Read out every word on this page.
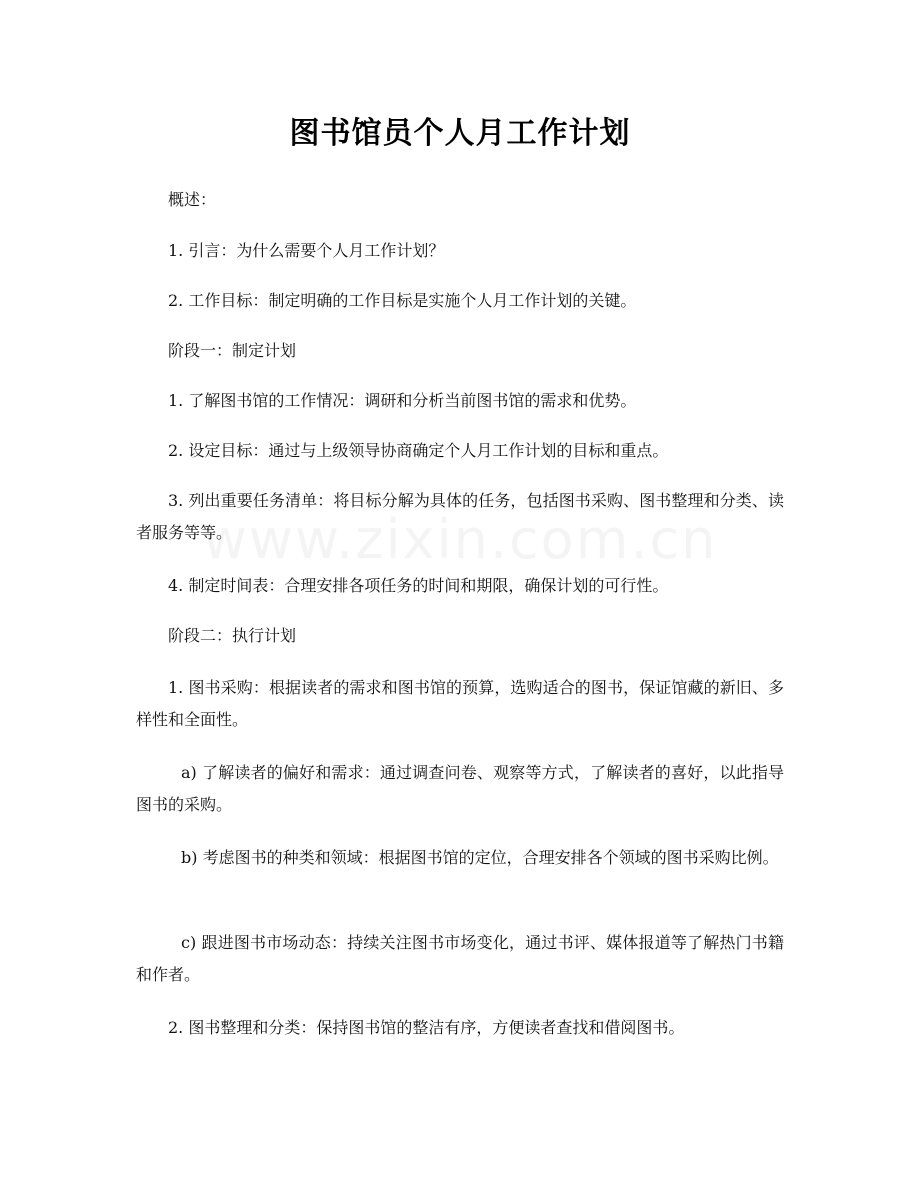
图书馆员个人月工作计划

概述：

1. 引言：为什么需要个人月工作计划？

2. 工作目标：制定明确的工作目标是实施个人月工作计划的关键。

阶段一：制定计划

1. 了解图书馆的工作情况：调研和分析当前图书馆的需求和优势。

2. 设定目标：通过与上级领导协商确定个人月工作计划的目标和重点。

3. 列出重要任务清单：将目标分解为具体的任务，包括图书采购、图书整理和分类、读者服务等等。

4. 制定时间表：合理安排各项任务的时间和期限，确保计划的可行性。

阶段二：执行计划

1. 图书采购：根据读者的需求和图书馆的预算，选购适合的图书，保证馆藏的新旧、多样性和全面性。

a) 了解读者的偏好和需求：通过调查问卷、观察等方式，了解读者的喜好，以此指导图书的采购。

b) 考虑图书的种类和领域：根据图书馆的定位，合理安排各个领域的图书采购比例。

c) 跟进图书市场动态：持续关注图书市场变化，通过书评、媒体报道等了解热门书籍和作者。

2. 图书整理和分类：保持图书馆的整洁有序，方便读者查找和借阅图书。
